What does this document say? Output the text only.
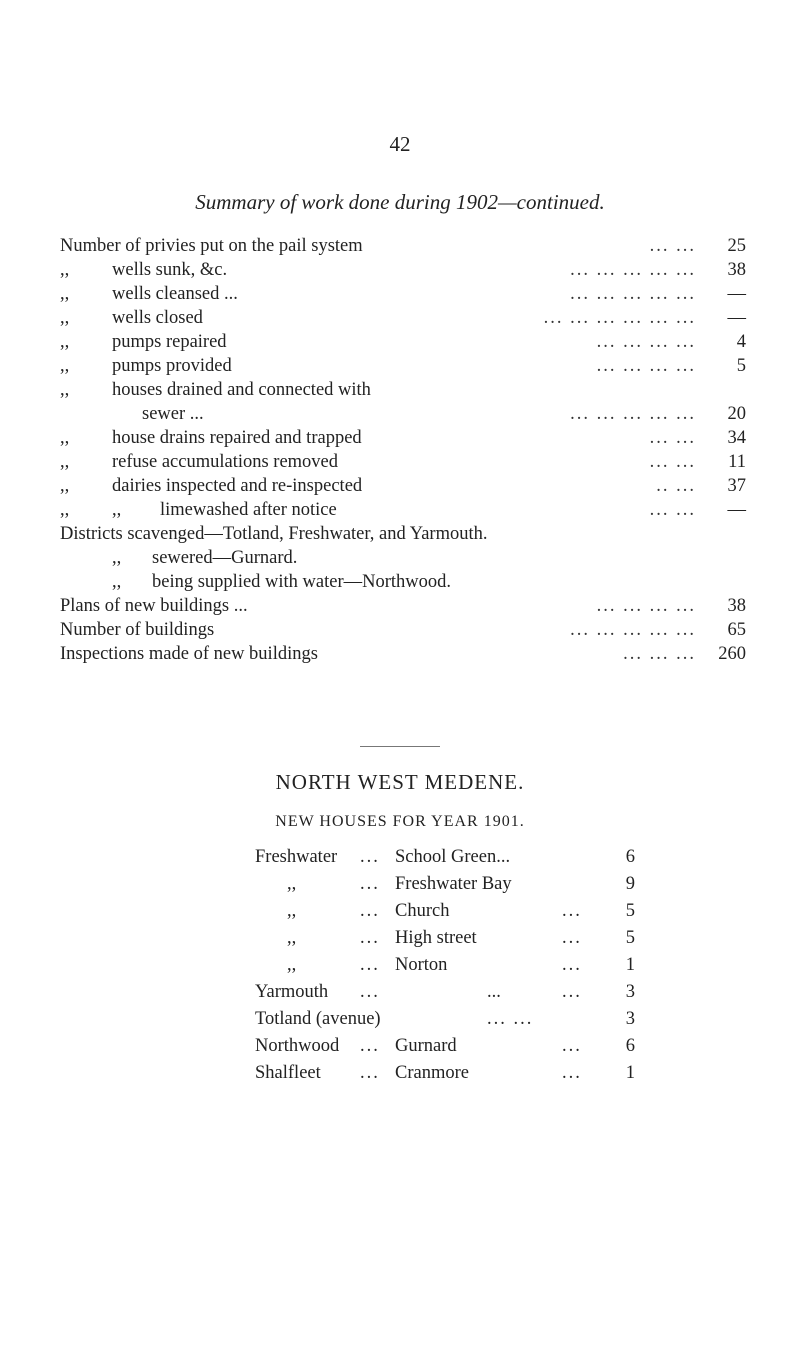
42
Summary of work done during 1902—continued.
Number of privies put on the pail system	... ...	25
,, wells sunk, &c.	... ... ... ... ...	38
,, wells cleansed ...	... ... ... ... ...	—
,, wells closed	... ... ... ... ... ...	—
,, pumps repaired	... ... ... ...	4
,, pumps provided	... ... ... ...	5
,, houses drained and connected with
sewer ...	... ... ... ... ...	20
,, house drains repaired and trapped	... ...	34
,, refuse accumulations removed	... ...	11
,, dairies inspected and re-inspected	.. ...	37
,, ,, limewashed after notice	... ...	—
Districts scavenged—Totland, Freshwater, and Yarmouth.
,, sewered—Gurnard.
,, being supplied with water—Northwood.
Plans of new buildings ...	... ... ... ...	38
Number of buildings	... ... ... ... ...	65
Inspections made of new buildings	... ... ...	260
NORTH WEST MEDENE.
NEW HOUSES FOR YEAR 1901.
Freshwater ... School Green...	6
,,	... Freshwater Bay	9
,,	... Church	...	5
,,	... High street	...	5
,,	... Norton	...	1
Yarmouth ...	...	...	3
Totland (avenue)	... ...	3
Northwood ... Gurnard	...	6
Shalfleet ... Cranmore	...	1
